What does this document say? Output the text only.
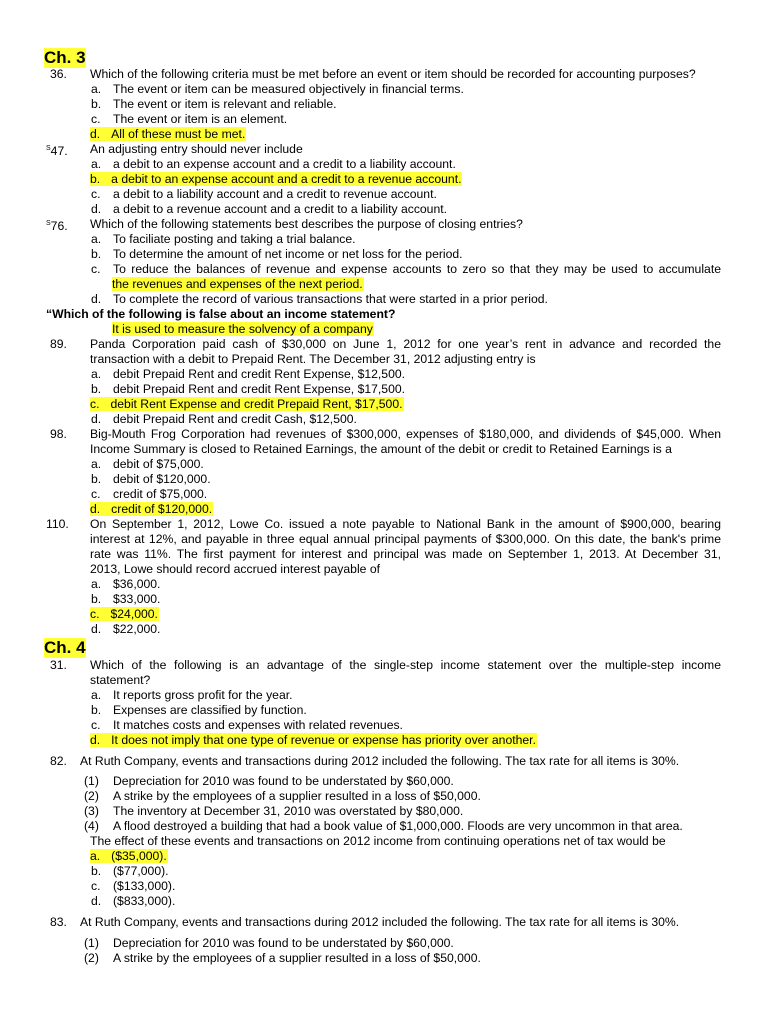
Ch. 3
36. Which of the following criteria must be met before an event or item should be recorded for accounting purposes?
a. The event or item can be measured objectively in financial terms.
b. The event or item is relevant and reliable.
c. The event or item is an element.
d. All of these must be met.
$^S$47. An adjusting entry should never include
a. a debit to an expense account and a credit to a liability account.
b. a debit to an expense account and a credit to a revenue account.
c. a debit to a liability account and a credit to revenue account.
d. a debit to a revenue account and a credit to a liability account.
$^S$76. Which of the following statements best describes the purpose of closing entries?
a. To faciliate posting and taking a trial balance.
b. To determine the amount of net income or net loss for the period.
c. To reduce the balances of revenue and expense accounts to zero so that they may be used to accumulate
the revenues and expenses of the next period.
d. To complete the record of various transactions that were started in a prior period.
“Which of the following is false about an income statement?
It is used to measure the solvency of a company
89. Panda Corporation paid cash of $30,000 on June 1, 2012 for one year’s rent in advance and recorded the
transaction with a debit to Prepaid Rent. The December 31, 2012 adjusting entry is
a. debit Prepaid Rent and credit Rent Expense, $12,500.
b. debit Prepaid Rent and credit Rent Expense, $17,500.
c. debit Rent Expense and credit Prepaid Rent, $17,500.
d. debit Prepaid Rent and credit Cash, $12,500.
98. Big-Mouth Frog Corporation had revenues of $300,000, expenses of $180,000, and dividends of $45,000. When
Income Summary is closed to Retained Earnings, the amount of the debit or credit to Retained Earnings is a
a. debit of $75,000.
b. debit of $120,000.
c. credit of $75,000.
d. credit of $120,000.
110. On September 1, 2012, Lowe Co. issued a note payable to National Bank in the amount of $900,000, bearing
interest at 12%, and payable in three equal annual principal payments of $300,000. On this date, the bank's prime
rate was 11%. The first payment for interest and principal was made on September 1, 2013. At December 31,
2013, Lowe should record accrued interest payable of
a. $36,000.
b. $33,000.
c. $24,000.
d. $22,000.
Ch. 4
31. Which of the following is an advantage of the single-step income statement over the multiple-step income
statement?
a. It reports gross profit for the year.
b. Expenses are classified by function.
c. It matches costs and expenses with related revenues.
d. It does not imply that one type of revenue or expense has priority over another.
82. At Ruth Company, events and transactions during 2012 included the following. The tax rate for all items is 30%.
(1) Depreciation for 2010 was found to be understated by $60,000.
(2) A strike by the employees of a supplier resulted in a loss of $50,000.
(3) The inventory at December 31, 2010 was overstated by $80,000.
(4) A flood destroyed a building that had a book value of $1,000,000. Floods are very uncommon in that area.
The effect of these events and transactions on 2012 income from continuing operations net of tax would be
a. ($35,000).
b. ($77,000).
c. ($133,000).
d. ($833,000).
83. At Ruth Company, events and transactions during 2012 included the following. The tax rate for all items is 30%.
(1) Depreciation for 2010 was found to be understated by $60,000.
(2) A strike by the employees of a supplier resulted in a loss of $50,000.
